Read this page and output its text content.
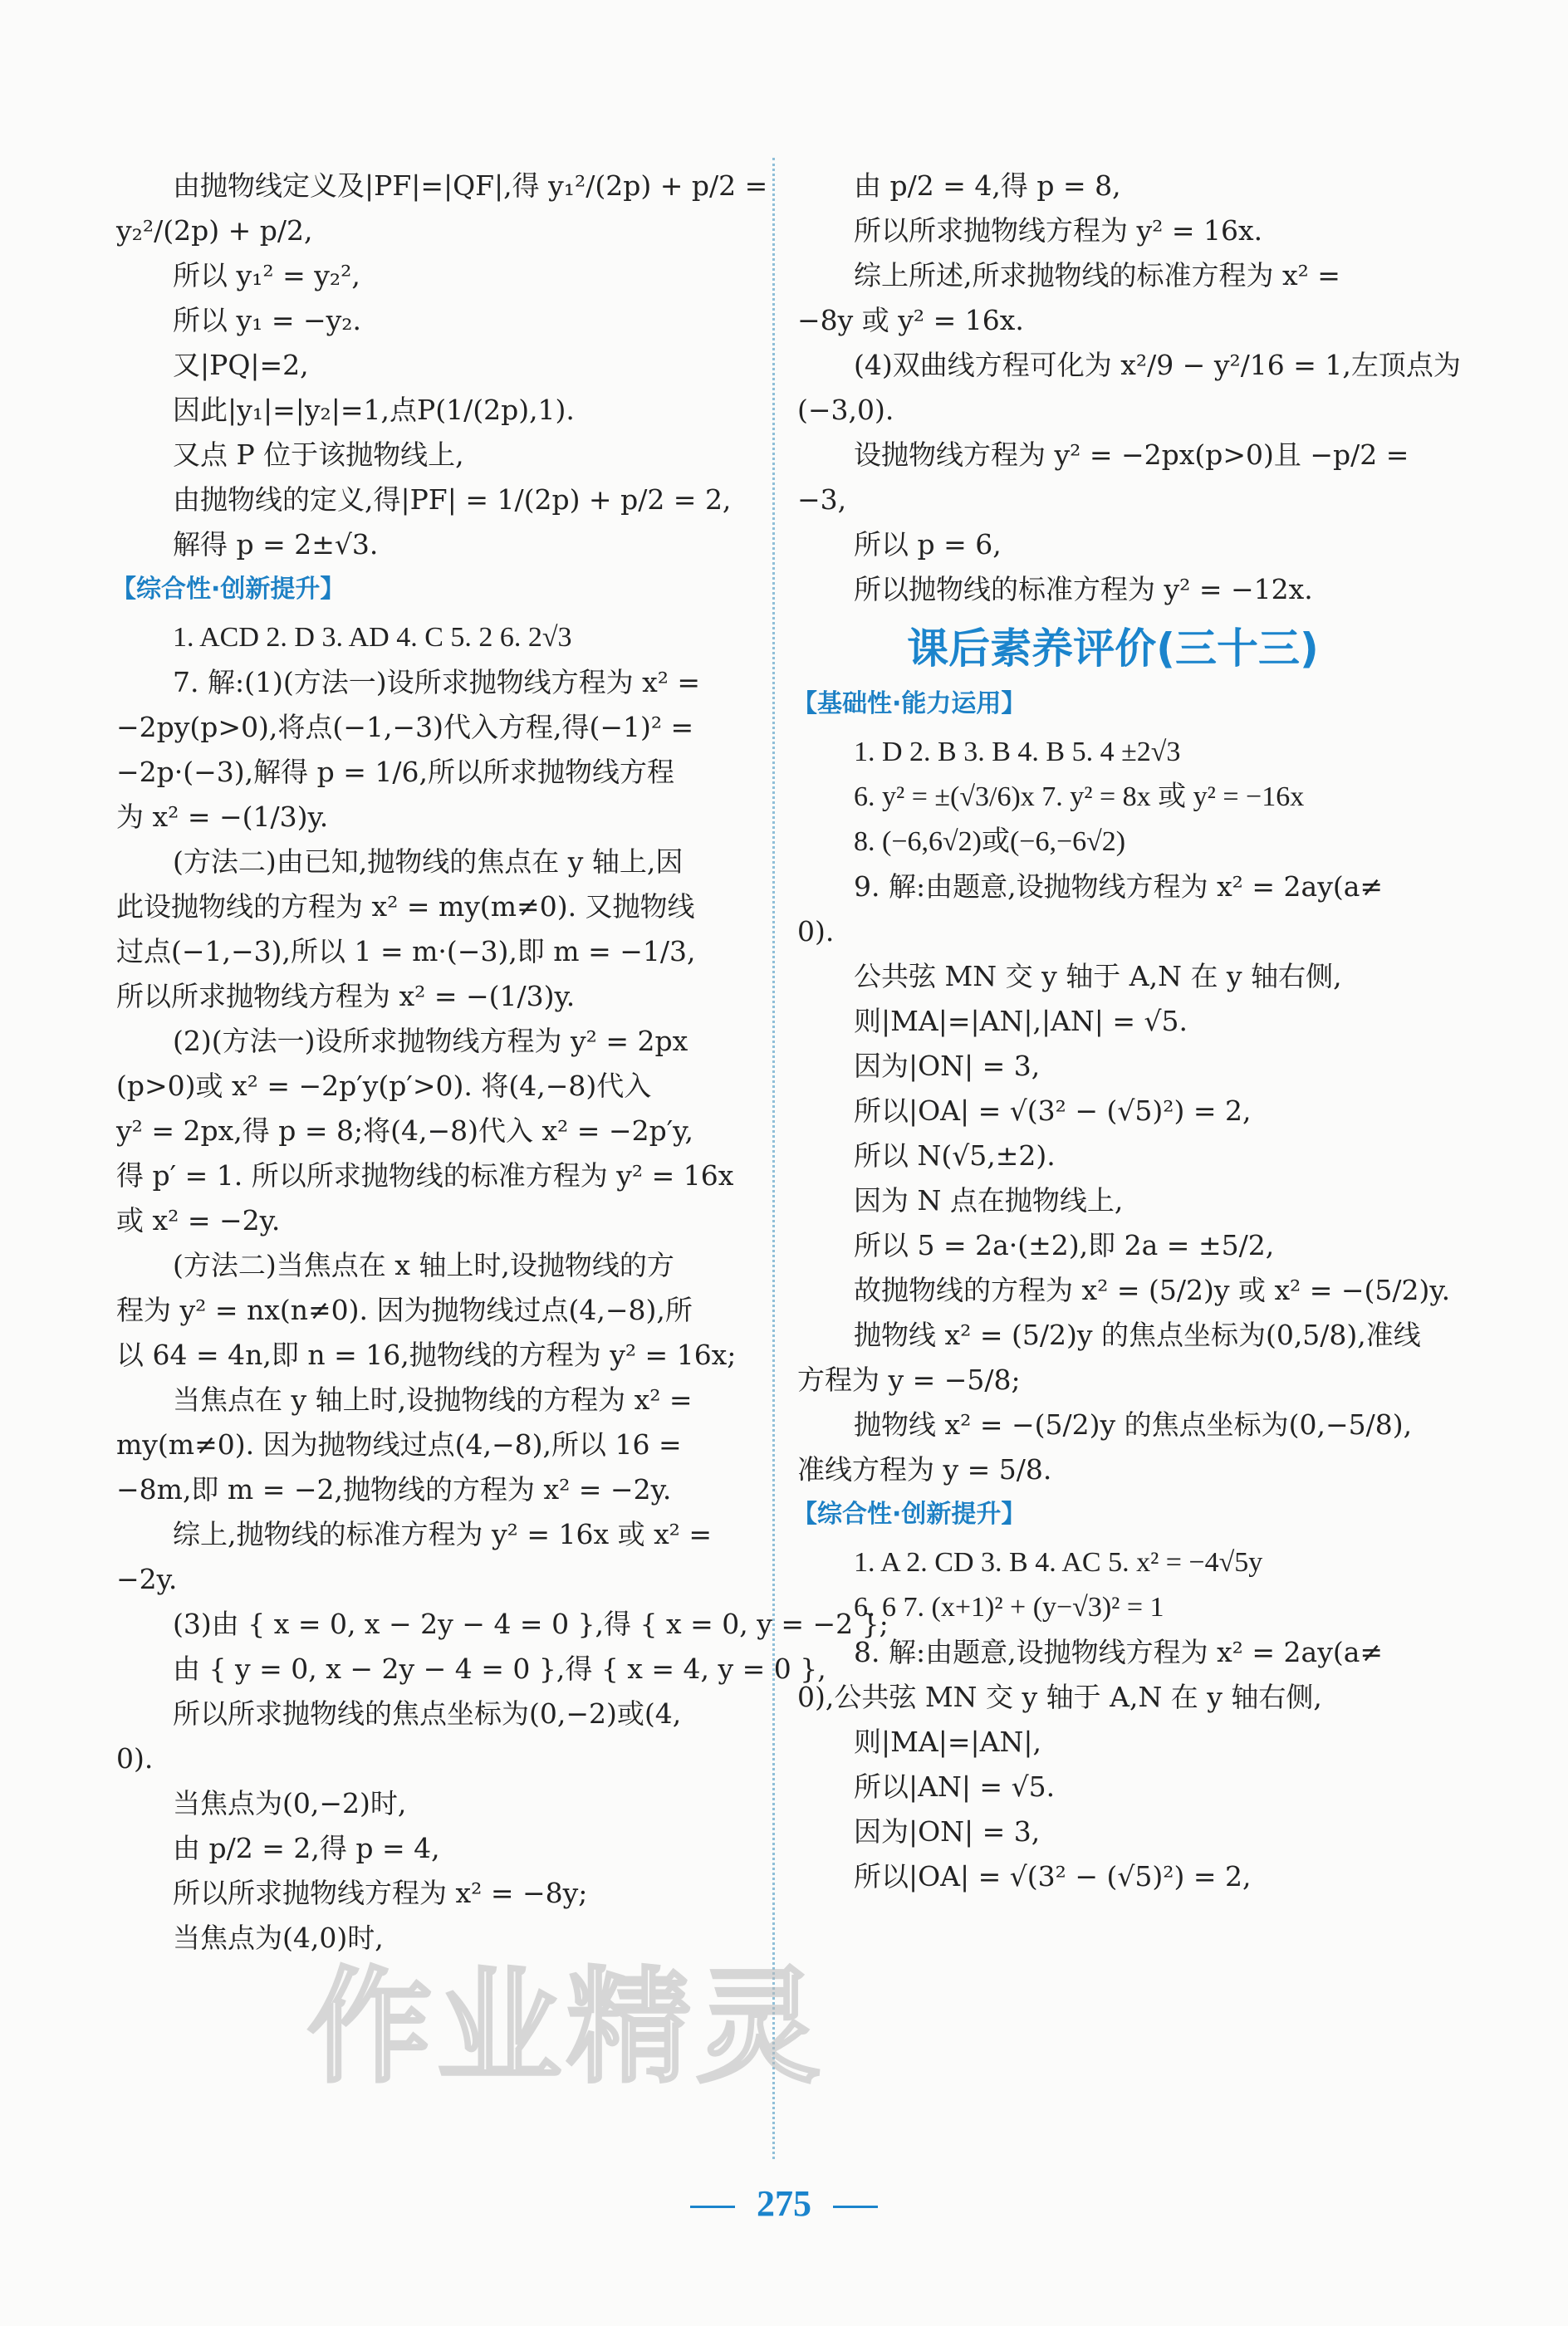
由抛物线定义及|PF|=|QF|,得 y₁²/(2p) + p/2 =
y₂²/(2p) + p/2,
所以 y₁² = y₂²,
所以 y₁ = −y₂.
又|PQ|=2,
因此|y₁|=|y₂|=1,点P(1/(2p),1).
又点 P 位于该抛物线上,
由抛物线的定义,得|PF| = 1/(2p) + p/2 = 2,
解得 p = 2±√3.
【综合性·创新提升】
1. ACD 2. D 3. AD 4. C 5. 2 6. 2√3
7. 解:(1)(方法一)设所求抛物线方程为 x² =
−2py(p>0),将点(−1,−3)代入方程,得(−1)² =
−2p·(−3),解得 p = 1/6,所以所求抛物线方程
为 x² = −(1/3)y.
(方法二)由已知,抛物线的焦点在 y 轴上,因
此设抛物线的方程为 x² = my(m≠0). 又抛物线
过点(−1,−3),所以 1 = m·(−3),即 m = −1/3,
所以所求抛物线方程为 x² = −(1/3)y.
(2)(方法一)设所求抛物线方程为 y² = 2px
(p>0)或 x² = −2p′y(p′>0). 将(4,−8)代入
y² = 2px,得 p = 8;将(4,−8)代入 x² = −2p′y,
得 p′ = 1. 所以所求抛物线的标准方程为 y² = 16x
或 x² = −2y.
(方法二)当焦点在 x 轴上时,设抛物线的方
程为 y² = nx(n≠0). 因为抛物线过点(4,−8),所
以 64 = 4n,即 n = 16,抛物线的方程为 y² = 16x;
当焦点在 y 轴上时,设抛物线的方程为 x² =
my(m≠0). 因为抛物线过点(4,−8),所以 16 =
−8m,即 m = −2,抛物线的方程为 x² = −2y.
综上,抛物线的标准方程为 y² = 16x 或 x² =
−2y.
(3)由 { x = 0, x − 2y − 4 = 0 },得 { x = 0, y = −2 };
由 { y = 0, x − 2y − 4 = 0 },得 { x = 4, y = 0 },
所以所求抛物线的焦点坐标为(0,−2)或(4,
0).
当焦点为(0,−2)时,
由 p/2 = 2,得 p = 4,
所以所求抛物线方程为 x² = −8y;
当焦点为(4,0)时,
由 p/2 = 4,得 p = 8,
所以所求抛物线方程为 y² = 16x.
综上所述,所求抛物线的标准方程为 x² =
−8y 或 y² = 16x.
(4)双曲线方程可化为 x²/9 − y²/16 = 1,左顶点为
(−3,0).
设抛物线方程为 y² = −2px(p>0)且 −p/2 =
−3,
所以 p = 6,
所以抛物线的标准方程为 y² = −12x.
课后素养评价(三十三)
【基础性·能力运用】
1. D 2. B 3. B 4. B 5. 4 ±2√3
6. y² = ±(√3/6)x 7. y² = 8x 或 y² = −16x
8. (−6,6√2)或(−6,−6√2)
9. 解:由题意,设抛物线方程为 x² = 2ay(a≠
0).
公共弦 MN 交 y 轴于 A,N 在 y 轴右侧,
则|MA|=|AN|,|AN| = √5.
因为|ON| = 3,
所以|OA| = √(3² − (√5)²) = 2,
所以 N(√5,±2).
因为 N 点在抛物线上,
所以 5 = 2a·(±2),即 2a = ±5/2,
故抛物线的方程为 x² = (5/2)y 或 x² = −(5/2)y.
抛物线 x² = (5/2)y 的焦点坐标为(0,5/8),准线
方程为 y = −5/8;
抛物线 x² = −(5/2)y 的焦点坐标为(0,−5/8),
准线方程为 y = 5/8.
【综合性·创新提升】
1. A 2. CD 3. B 4. AC 5. x² = −4√5y
6. 6 7. (x+1)² + (y−√3)² = 1
8. 解:由题意,设抛物线方程为 x² = 2ay(a≠
0),公共弦 MN 交 y 轴于 A,N 在 y 轴右侧,
则|MA|=|AN|,
所以|AN| = √5.
因为|ON| = 3,
所以|OA| = √(3² − (√5)²) = 2,
作业精灵
275
